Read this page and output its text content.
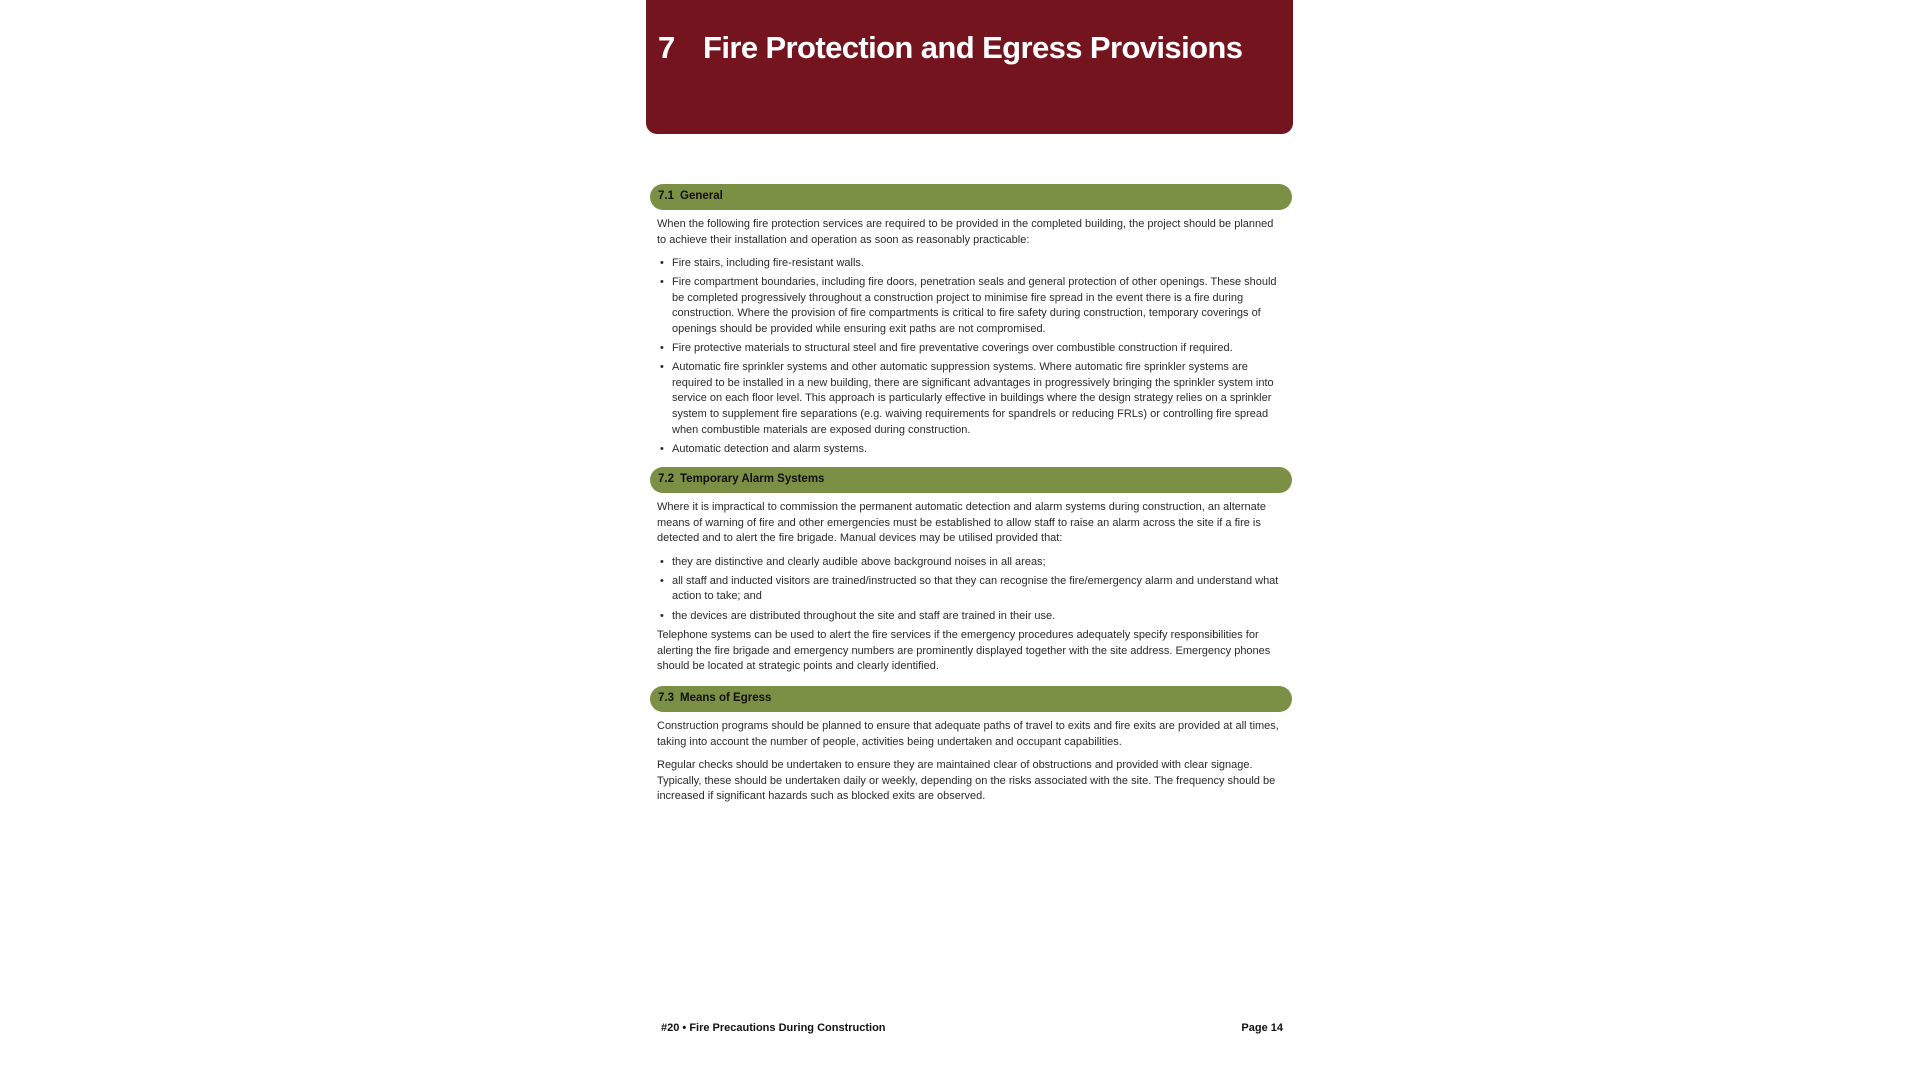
7 Fire Protection and Egress Provisions
7.1 General

When the following fire protection services are required to be provided in the completed building, the project should be planned to achieve their installation and operation as soon as reasonably practicable:

• Fire stairs, including fire-resistant walls.
• Fire compartment boundaries, including fire doors, penetration seals and general protection of other openings. These should be completed progressively throughout a construction project to minimise fire spread in the event there is a fire during construction. Where the provision of fire compartments is critical to fire safety during construction, temporary coverings of openings should be provided while ensuring exit paths are not compromised.
• Fire protective materials to structural steel and fire preventative coverings over combustible construction if required.
• Automatic fire sprinkler systems and other automatic suppression systems. Where automatic fire sprinkler systems are required to be installed in a new building, there are significant advantages in progressively bringing the sprinkler system into service on each floor level. This approach is particularly effective in buildings where the design strategy relies on a sprinkler system to supplement fire separations (e.g. waiving requirements for spandrels or reducing FRLs) or controlling fire spread when combustible materials are exposed during construction.
• Automatic detection and alarm systems.
7.2 Temporary Alarm Systems

Where it is impractical to commission the permanent automatic detection and alarm systems during construction, an alternate means of warning of fire and other emergencies must be established to allow staff to raise an alarm across the site if a fire is detected and to alert the fire brigade. Manual devices may be utilised provided that:

• they are distinctive and clearly audible above background noises in all areas;
• all staff and inducted visitors are trained/instructed so that they can recognise the fire/emergency alarm and understand what action to take; and
• the devices are distributed throughout the site and staff are trained in their use.

Telephone systems can be used to alert the fire services if the emergency procedures adequately specify responsibilities for alerting the fire brigade and emergency numbers are prominently displayed together with the site address. Emergency phones should be located at strategic points and clearly identified.

7.3 Means of Egress

Construction programs should be planned to ensure that adequate paths of travel to exits and fire exits are provided at all times, taking into account the number of people, activities being undertaken and occupant capabilities.

Regular checks should be undertaken to ensure they are maintained clear of obstructions and provided with clear signage. Typically, these should be undertaken daily or weekly, depending on the risks associated with the site. The frequency should be increased if significant hazards such as blocked exits are observed.

#20 • Fire Precautions During Construction	Page 14
